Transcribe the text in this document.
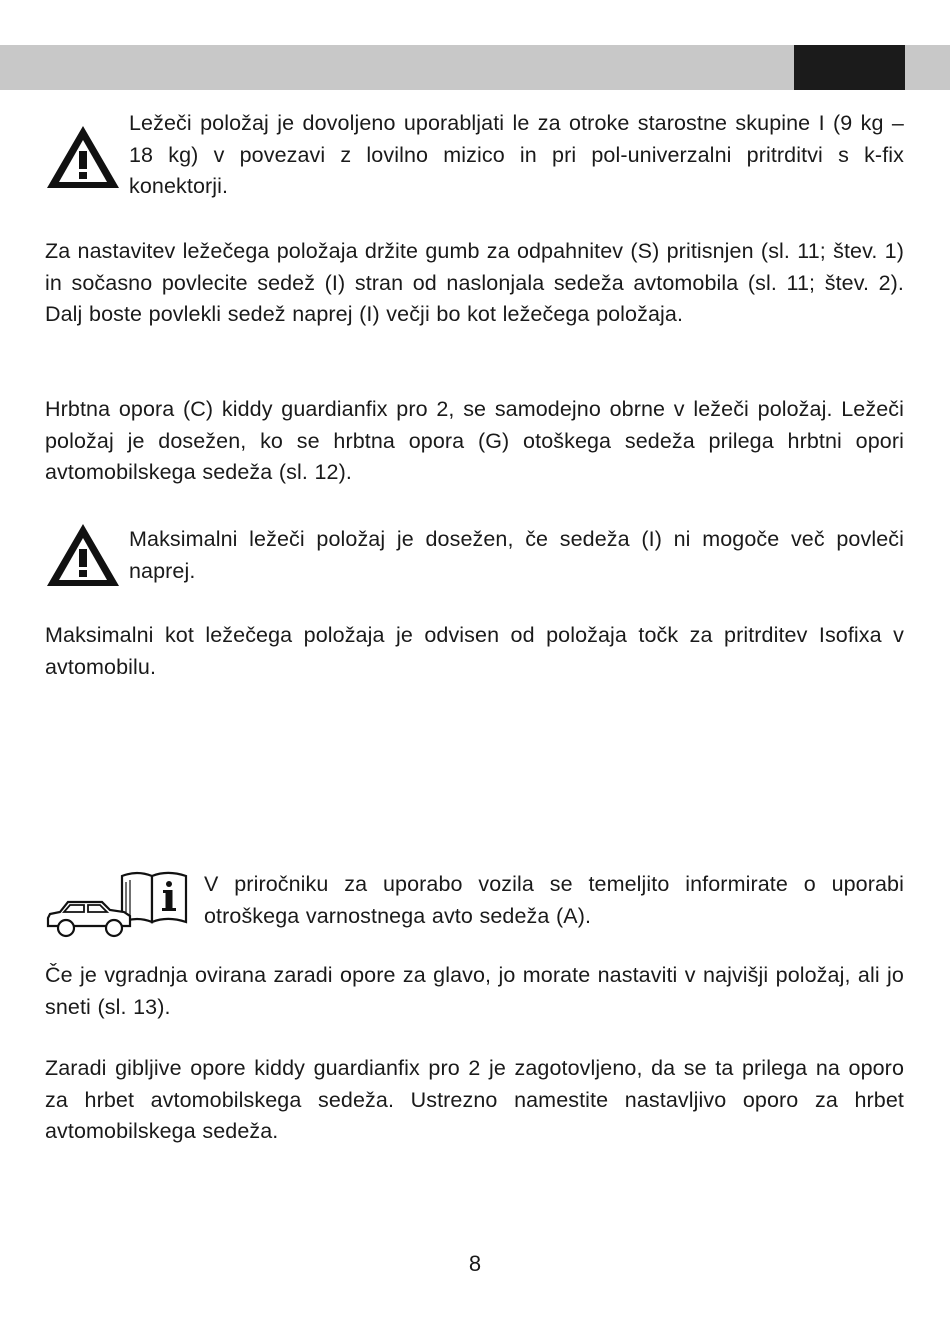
Ležeči položaj je dovoljeno uporabljati le za otroke starostne skupine I (9 kg – 18 kg) v povezavi z lovilno mizico in pri pol-univerzalni pritrditvi s k-fix konektorji.

Za nastavitev ležečega položaja držite gumb za odpahnitev (S) pritisnjen (sl. 11; štev. 1) in sočasno povlecite sedež (I) stran od naslonjala sedeža avtomobila (sl. 11; štev. 2). Dalj boste povlekli sedež naprej (I) večji bo kot ležečega položaja.

Hrbtna opora (C) kiddy guardianfix pro 2, se samodejno obrne v ležeči položaj. Ležeči položaj je dosežen, ko se hrbtna opora (G) otoškega sedeža prilega hrbtni opori avtomobilskega sedeža (sl. 12).

Maksimalni ležeči položaj je dosežen, če sedeža (I) ni mogoče več povleči naprej.

Maksimalni kot ležečega položaja je odvisen od položaja točk za pritrditev Isofixa v avtomobilu.

V priročniku za uporabo vozila se temeljito informirate o uporabi otroškega varnostnega avto sedeža (A).

Če je vgradnja ovirana zaradi opore za glavo, jo morate nastaviti v najvišji položaj, ali jo sneti (sl. 13).

Zaradi gibljive opore kiddy guardianfix pro 2 je zagotovljeno, da se ta prilega na oporo za hrbet avtomobilskega sedeža. Ustrezno namestite nastavljivo oporo za hrbet avtomobilskega sedeža.

8
